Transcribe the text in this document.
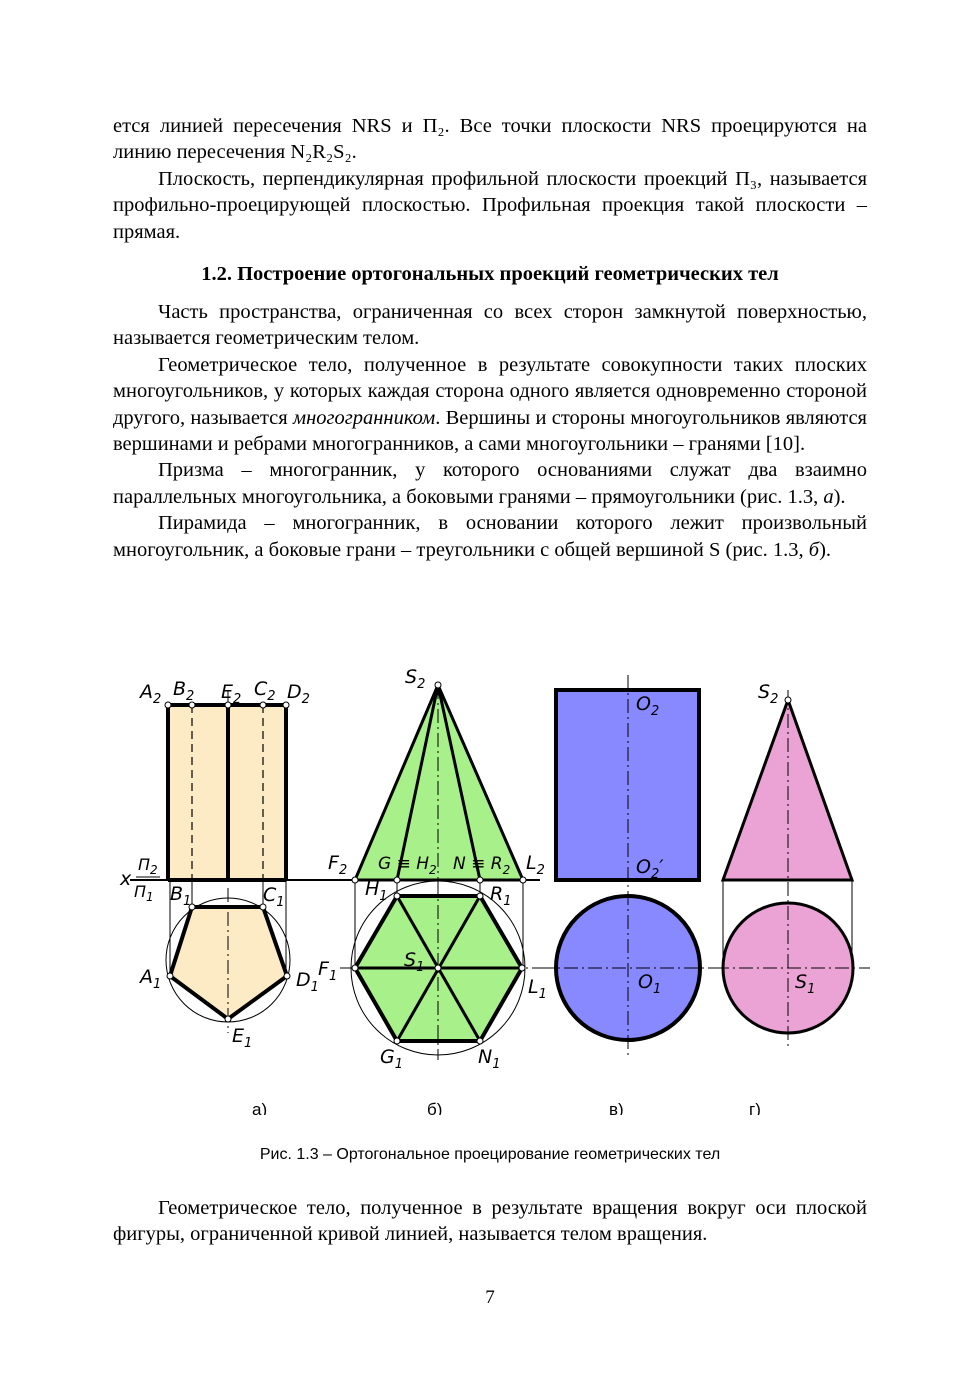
ется линией пересечения NRS и П₂. Все точки плоскости NRS проецируются на линию пересечения N₂R₂S₂.

Плоскость, перпендикулярная профильной плоскости проекций П₃, называется профильно-проецирующей плоскостью. Профильная проекция такой плоскости – прямая.

1.2. Построение ортогональных проекций геометрических тел

Часть пространства, ограниченная со всех сторон замкнутой поверхностью, называется геометрическим телом.

Геометрическое тело, полученное в результате совокупности таких плоских многоугольников, у которых каждая сторона одного является одновременно стороной другого, называется многогранником. Вершины и стороны многоугольников являются вершинами и ребрами многогранников, а сами многоугольники – гранями [10].

Призма – многогранник, у которого основаниями служат два взаимно параллельных многоугольника, а боковыми гранями – прямоугольники (рис. 1.3, а).

Пирамида – многогранник, в основании которого лежит произвольный многоугольник, а боковые грани – треугольники с общей вершиной S (рис. 1.3, б).

$A_2$ $B_2$ $E_2$ $C_2$ $D_2$
x
$П_2$
$П_1$ $B_1$	$C_1$
$A_1$	$D_1$
$E_1$
$S_2$
$F_2$ $G \equiv H_2$ $N \equiv R_2$ $L_2$
$H_1$	$R_1$
$F_1$
$S_1$
$L_1$
$G_1$	$N_1$
$O_2$
$O_2'$
$O_1$
$S_2$
$S_1$
а)	б)	в)	г)
Рис. 1.3 – Ортогональное проецирование геометрических тел

Геометрическое тело, полученное в результате вращения вокруг оси плоской фигуры, ограниченной кривой линией, называется телом вращения.

7
